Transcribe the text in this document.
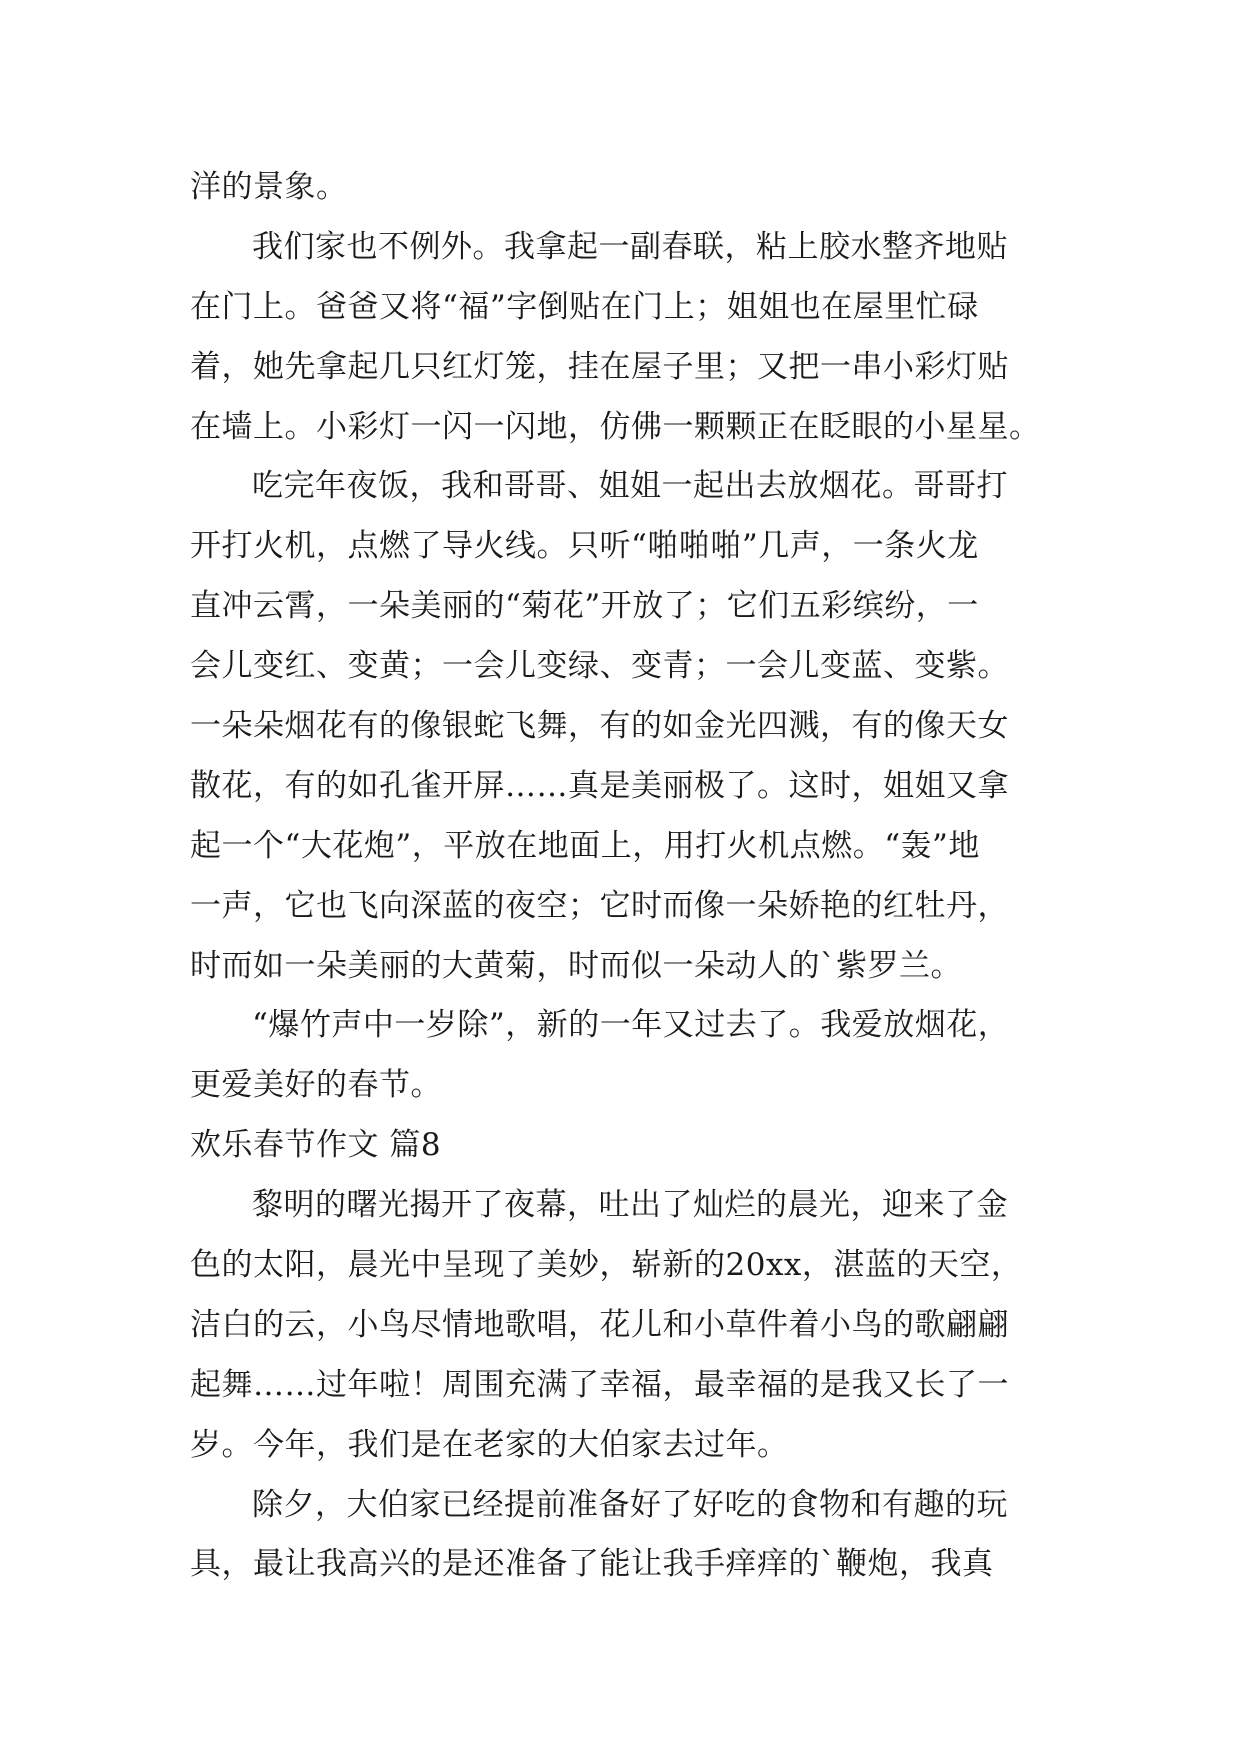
洋的景象。
我们家也不例外。我拿起一副春联，粘上胶水整齐地贴
在门上。爸爸又将“福”字倒贴在门上；姐姐也在屋里忙碌
着，她先拿起几只红灯笼，挂在屋子里；又把一串小彩灯贴
在墙上。小彩灯一闪一闪地，仿佛一颗颗正在眨眼的小星星。
吃完年夜饭，我和哥哥、姐姐一起出去放烟花。哥哥打
开打火机，点燃了导火线。只听“啪啪啪”几声，一条火龙
直冲云霄，一朵美丽的“菊花”开放了；它们五彩缤纷，一
会儿变红、变黄；一会儿变绿、变青；一会儿变蓝、变紫。
一朵朵烟花有的像银蛇飞舞，有的如金光四溅，有的像天女
散花，有的如孔雀开屏……真是美丽极了。这时，姐姐又拿
起一个“大花炮”，平放在地面上，用打火机点燃。“轰”地
一声，它也飞向深蓝的夜空；它时而像一朵娇艳的红牡丹，
时而如一朵美丽的大黄菊，时而似一朵动人的`紫罗兰。
“爆竹声中一岁除”，新的一年又过去了。我爱放烟花，
更爱美好的春节。
欢乐春节作文 篇8
黎明的曙光揭开了夜幕，吐出了灿烂的晨光，迎来了金
色的太阳，晨光中呈现了美妙，崭新的20xx，湛蓝的天空，
洁白的云，小鸟尽情地歌唱，花儿和小草件着小鸟的歌翩翩
起舞……过年啦！周围充满了幸福，最幸福的是我又长了一
岁。今年，我们是在老家的大伯家去过年。
除夕，大伯家已经提前准备好了好吃的食物和有趣的玩
具，最让我高兴的是还准备了能让我手痒痒的`鞭炮，我真
